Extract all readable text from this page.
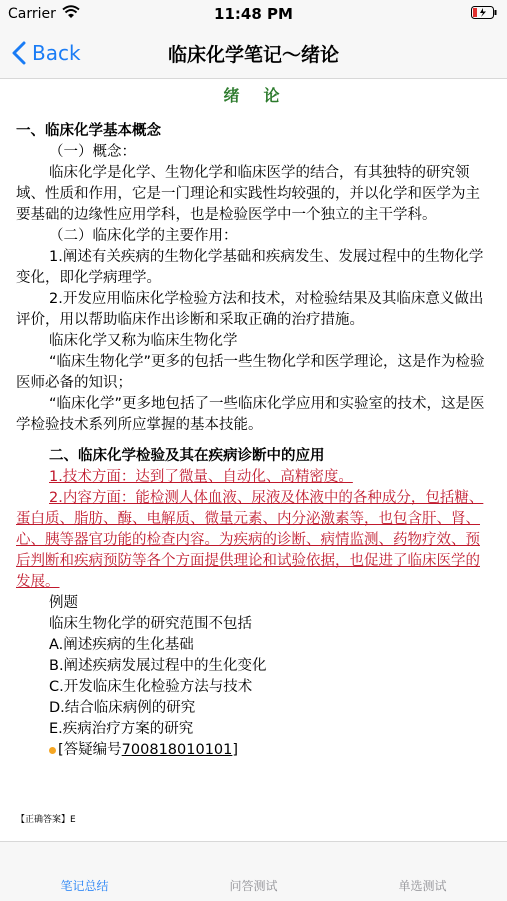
Carrier	11:48 PM
Back	临床化学笔记～绪论
绪　论

一、临床化学基本概念

（一）概念：

临床化学是化学、生物化学和临床医学的结合，有其独特的研究领域、性质和作用，它是一门理论和实践性均较强的，并以化学和医学为主要基础的边缘性应用学科，也是检验医学中一个独立的主干学科。

（二）临床化学的主要作用：

1.阐述有关疾病的生物化学基础和疾病发生、发展过程中的生物化学变化，即化学病理学。

2.开发应用临床化学检验方法和技术，对检验结果及其临床意义做出评价，用以帮助临床作出诊断和采取正确的治疗措施。

临床化学又称为临床生物化学

“临床生物化学”更多的包括一些生物化学和医学理论，这是作为检验医师必备的知识；

“临床化学”更多地包括了一些临床化学应用和实验室的技术，这是医学检验技术系列所应掌握的基本技能。

二、临床化学检验及其在疾病诊断中的应用

1.技术方面：达到了微量、自动化、高精密度。

2.内容方面：能检测人体血液、尿液及体液中的各种成分，包括糖、蛋白质、脂肪、酶、电解质、微量元素、内分泌激素等，也包含肝、肾、心、胰等器官功能的检查内容。为疾病的诊断、病情监测、药物疗效、预后判断和疾病预防等各个方面提供理论和试验依据，也促进了临床医学的发展。

例题

临床生物化学的研究范围不包括

A.阐述疾病的生化基础

B.阐述疾病发展过程中的生化变化

C.开发临床生化检验方法与技术

D.结合临床病例的研究

E.疾病治疗方案的研究

[答疑编号700818010101]

【正确答案】E
笔记总结	问答测试	单选测试
